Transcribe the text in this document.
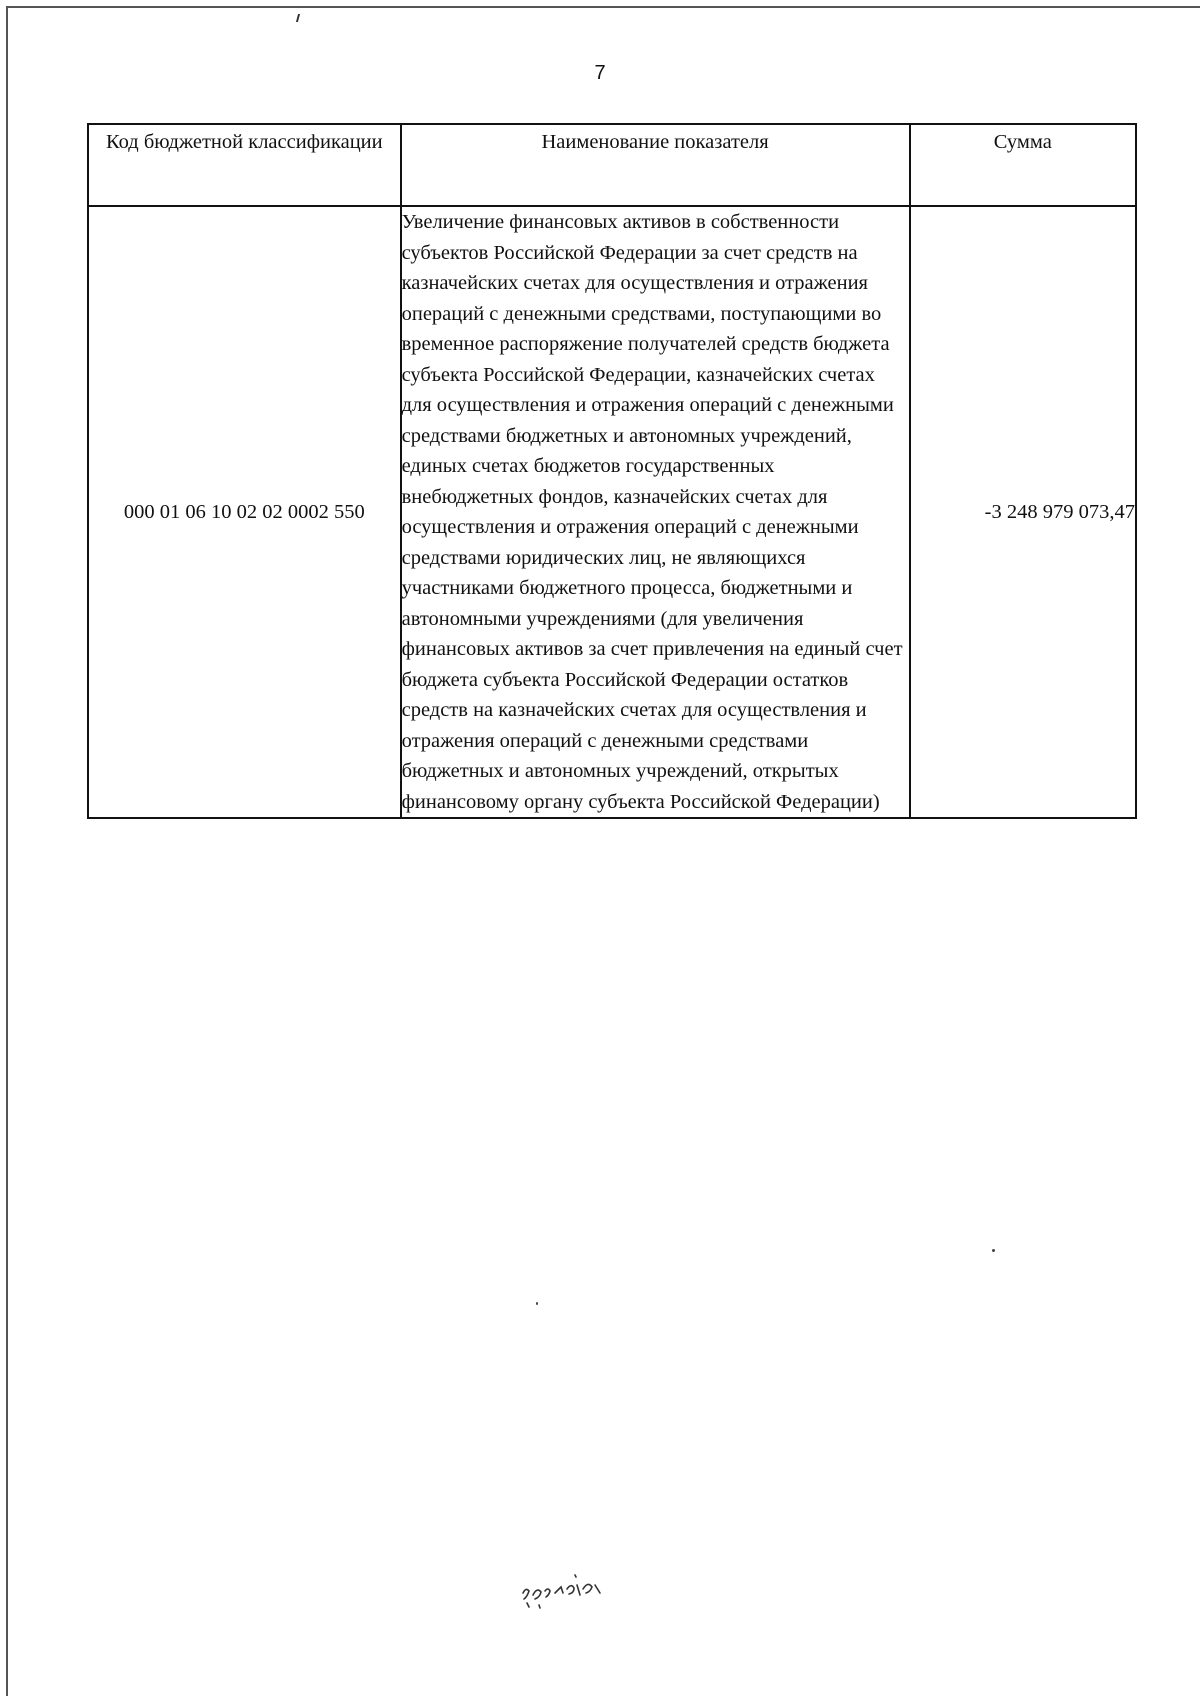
7
Код бюджетной классификации	Наименование показателя	Сумма

000 01 06 10 02 02 0002 550	Увеличение финансовых активов в собственности субъектов Российской Федерации за счет средств на казначейских счетах для осуществления и отражения операций с денежными средствами, поступающими во временное распоряжение получателей средств бюджета субъекта Российской Федерации, казначейских счетах для осуществления и отражения операций с денежными средствами бюджетных и автономных учреждений, единых счетах бюджетов государственных внебюджетных фондов, казначейских счетах для осуществления и отражения операций с денежными средствами юридических лиц, не являющихся участниками бюджетного процесса, бюджетными и автономными учреждениями (для увеличения финансовых активов за счет привлечения на единый счет бюджета субъекта Российской Федерации остатков средств на казначейских счетах для осуществления и отражения операций с денежными средствами бюджетных и автономных учреждений, открытых финансовому органу субъекта Российской Федерации)	-3 248 979 073,47
